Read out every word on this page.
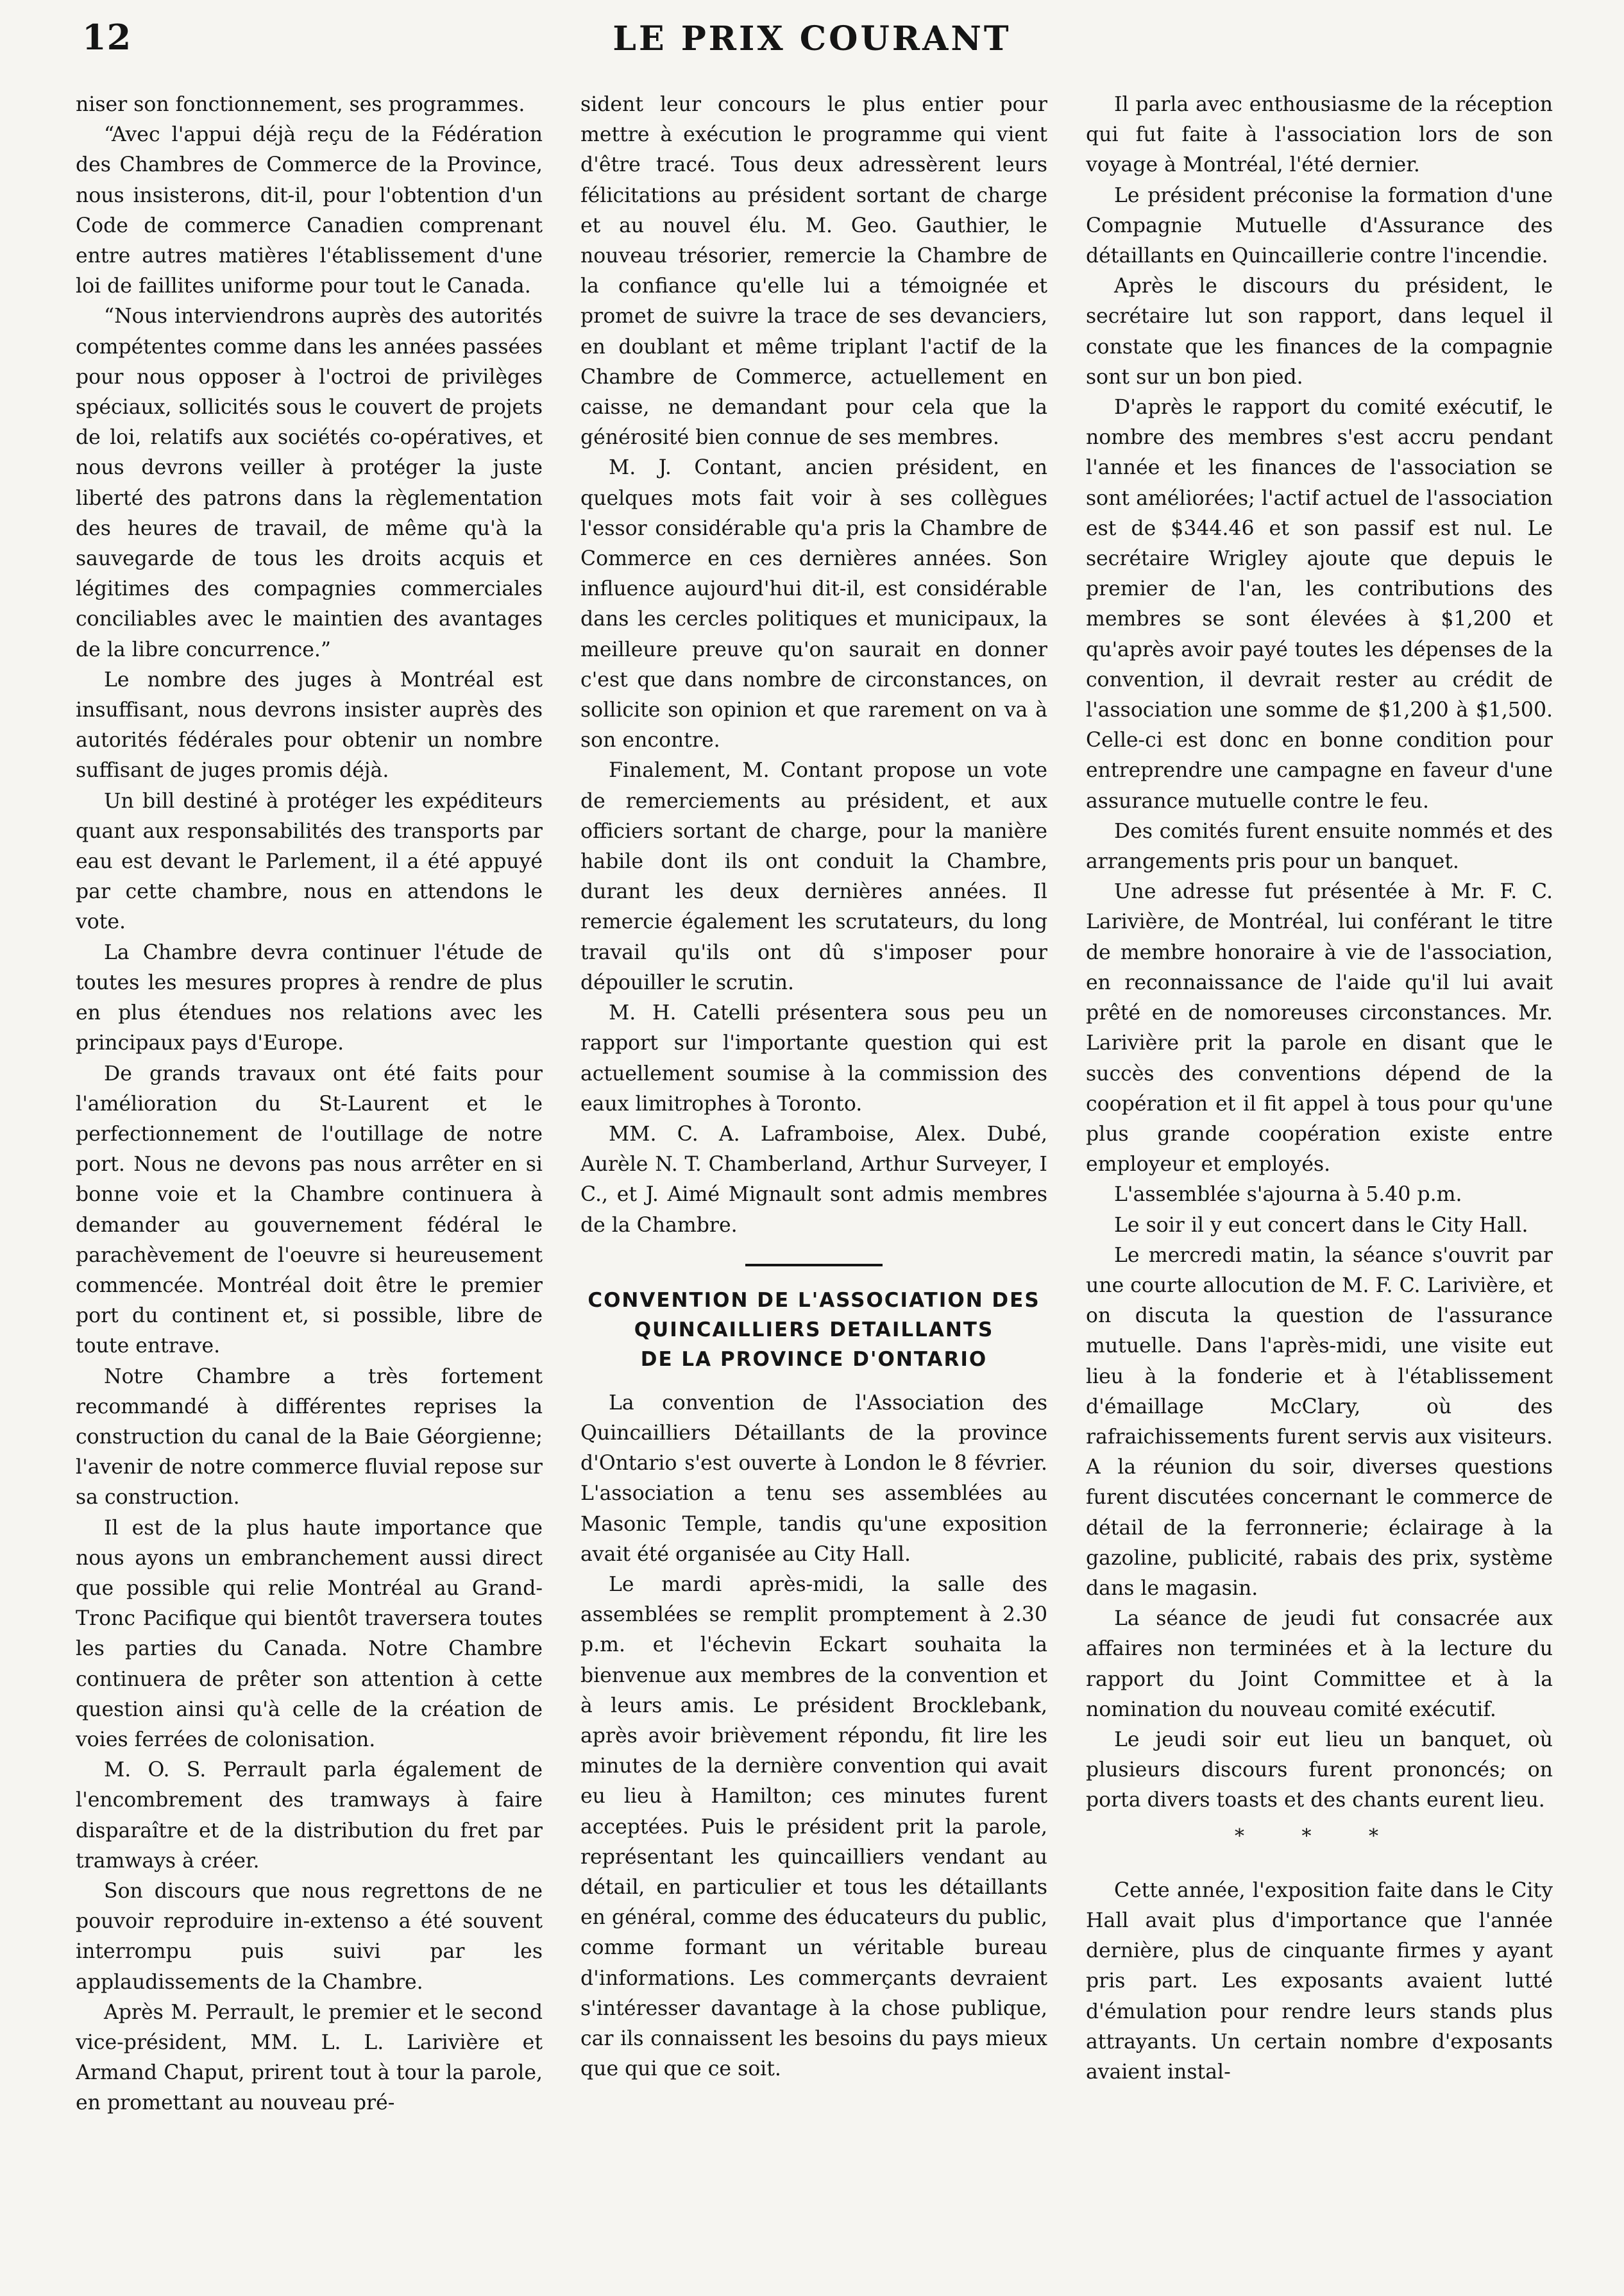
12	LE PRIX COURANT

niser son fonctionnement, ses programmes.

“Avec l'appui déjà reçu de la Fédération des Chambres de Commerce de la Province, nous insisterons, dit-il, pour l'obtention d'un Code de commerce Canadien comprenant entre autres matières l'établissement d'une loi de faillites uniforme pour tout le Canada.

“Nous interviendrons auprès des autorités compétentes comme dans les années passées pour nous opposer à l'octroi de privilèges spéciaux, sollicités sous le couvert de projets de loi, relatifs aux sociétés co-opératives, et nous devrons veiller à protéger la juste liberté des patrons dans la règlementation des heures de travail, de même qu'à la sauvegarde de tous les droits acquis et légitimes des compagnies commerciales conciliables avec le maintien des avantages de la libre concurrence.”

Le nombre des juges à Montréal est insuffisant, nous devrons insister auprès des autorités fédérales pour obtenir un nombre suffisant de juges promis déjà.

Un bill destiné à protéger les expéditeurs quant aux responsabilités des transports par eau est devant le Parlement, il a été appuyé par cette chambre, nous en attendons le vote.

La Chambre devra continuer l'étude de toutes les mesures propres à rendre de plus en plus étendues nos relations avec les principaux pays d'Europe.

De grands travaux ont été faits pour l'amélioration du St-Laurent et le perfectionnement de l'outillage de notre port. Nous ne devons pas nous arrêter en si bonne voie et la Chambre continuera à demander au gouvernement fédéral le parachèvement de l'oeuvre si heureusement commencée. Montréal doit être le premier port du continent et, si possible, libre de toute entrave.

Notre Chambre a très fortement recommandé à différentes reprises la construction du canal de la Baie Géorgienne; l'avenir de notre commerce fluvial repose sur sa construction.

Il est de la plus haute importance que nous ayons un embranchement aussi direct que possible qui relie Montréal au Grand-Tronc Pacifique qui bientôt traversera toutes les parties du Canada. Notre Chambre continuera de prêter son attention à cette question ainsi qu'à celle de la création de voies ferrées de colonisation.

M. O. S. Perrault parla également de l'encombrement des tramways à faire disparaître et de la distribution du fret par tramways à créer.

Son discours que nous regrettons de ne pouvoir reproduire in-extenso a été souvent interrompu puis suivi par les applaudissements de la Chambre.

Après M. Perrault, le premier et le second vice-président, MM. L. L. Larivière et Armand Chaput, prirent tout à tour la parole, en promettant au nouveau pré-

sident leur concours le plus entier pour mettre à exécution le programme qui vient d'être tracé. Tous deux adressèrent leurs félicitations au président sortant de charge et au nouvel élu. M. Geo. Gauthier, le nouveau trésorier, remercie la Chambre de la confiance qu'elle lui a témoignée et promet de suivre la trace de ses devanciers, en doublant et même triplant l'actif de la Chambre de Commerce, actuellement en caisse, ne demandant pour cela que la générosité bien connue de ses membres.

M. J. Contant, ancien président, en quelques mots fait voir à ses collègues l'essor considérable qu'a pris la Chambre de Commerce en ces dernières années. Son influence aujourd'hui dit-il, est considérable dans les cercles politiques et municipaux, la meilleure preuve qu'on saurait en donner c'est que dans nombre de circonstances, on sollicite son opinion et que rarement on va à son encontre.

Finalement, M. Contant propose un vote de remerciements au président, et aux officiers sortant de charge, pour la manière habile dont ils ont conduit la Chambre, durant les deux dernières années. Il remercie également les scrutateurs, du long travail qu'ils ont dû s'imposer pour dépouiller le scrutin.

M. H. Catelli présentera sous peu un rapport sur l'importante question qui est actuellement soumise à la commission des eaux limitrophes à Toronto.

MM. C. A. Laframboise, Alex. Dubé, Aurèle N. T. Chamberland, Arthur Surveyer, I C., et J. Aimé Mignault sont admis membres de la Chambre.

CONVENTION DE L'ASSOCIATION DES
QUINCAILLIERS DETAILLANTS
DE LA PROVINCE D'ONTARIO

La convention de l'Association des Quincailliers Détaillants de la province d'Ontario s'est ouverte à London le 8 février. L'association a tenu ses assemblées au Masonic Temple, tandis qu'une exposition avait été organisée au City Hall.

Le mardi après-midi, la salle des assemblées se remplit promptement à 2.30 p.m. et l'échevin Eckart souhaita la bienvenue aux membres de la convention et à leurs amis. Le président Brocklebank, après avoir brièvement répondu, fit lire les minutes de la dernière convention qui avait eu lieu à Hamilton; ces minutes furent acceptées. Puis le président prit la parole, représentant les quincailliers vendant au détail, en particulier et tous les détaillants en général, comme des éducateurs du public, comme formant un véritable bureau d'informations. Les commerçants devraient s'intéresser davantage à la chose publique, car ils connaissent les besoins du pays mieux que qui que ce soit.

Il parla avec enthousiasme de la réception qui fut faite à l'association lors de son voyage à Montréal, l'été dernier.

Le président préconise la formation d'une Compagnie Mutuelle d'Assurance des détaillants en Quincaillerie contre l'incendie.

Après le discours du président, le secrétaire lut son rapport, dans lequel il constate que les finances de la compagnie sont sur un bon pied.

D'après le rapport du comité exécutif, le nombre des membres s'est accru pendant l'année et les finances de l'association se sont améliorées; l'actif actuel de l'association est de $344.46 et son passif est nul. Le secrétaire Wrigley ajoute que depuis le premier de l'an, les contributions des membres se sont élevées à $1,200 et qu'après avoir payé toutes les dépenses de la convention, il devrait rester au crédit de l'association une somme de $1,200 à $1,500. Celle-ci est donc en bonne condition pour entreprendre une campagne en faveur d'une assurance mutuelle contre le feu.

Des comités furent ensuite nommés et des arrangements pris pour un banquet.

Une adresse fut présentée à Mr. F. C. Larivière, de Montréal, lui conférant le titre de membre honoraire à vie de l'association, en reconnaissance de l'aide qu'il lui avait prêté en de nomoreuses circonstances. Mr. Larivière prit la parole en disant que le succès des conventions dépend de la coopération et il fit appel à tous pour qu'une plus grande coopération existe entre employeur et employés.

L'assemblée s'ajourna à 5.40 p.m.

Le soir il y eut concert dans le City Hall.

Le mercredi matin, la séance s'ouvrit par une courte allocution de M. F. C. Larivière, et on discuta la question de l'assurance mutuelle. Dans l'après-midi, une visite eut lieu à la fonderie et à l'établissement d'émaillage McClary, où des rafraichissements furent servis aux visiteurs. A la réunion du soir, diverses questions furent discutées concernant le commerce de détail de la ferronnerie; éclairage à la gazoline, publicité, rabais des prix, système dans le magasin.

La séance de jeudi fut consacrée aux affaires non terminées et à la lecture du rapport du Joint Committee et à la nomination du nouveau comité exécutif.

Le jeudi soir eut lieu un banquet, où plusieurs discours furent prononcés; on porta divers toasts et des chants eurent lieu.

* * *

Cette année, l'exposition faite dans le City Hall avait plus d'importance que l'année dernière, plus de cinquante firmes y ayant pris part. Les exposants avaient lutté d'émulation pour rendre leurs stands plus attrayants. Un certain nombre d'exposants avaient instal-
